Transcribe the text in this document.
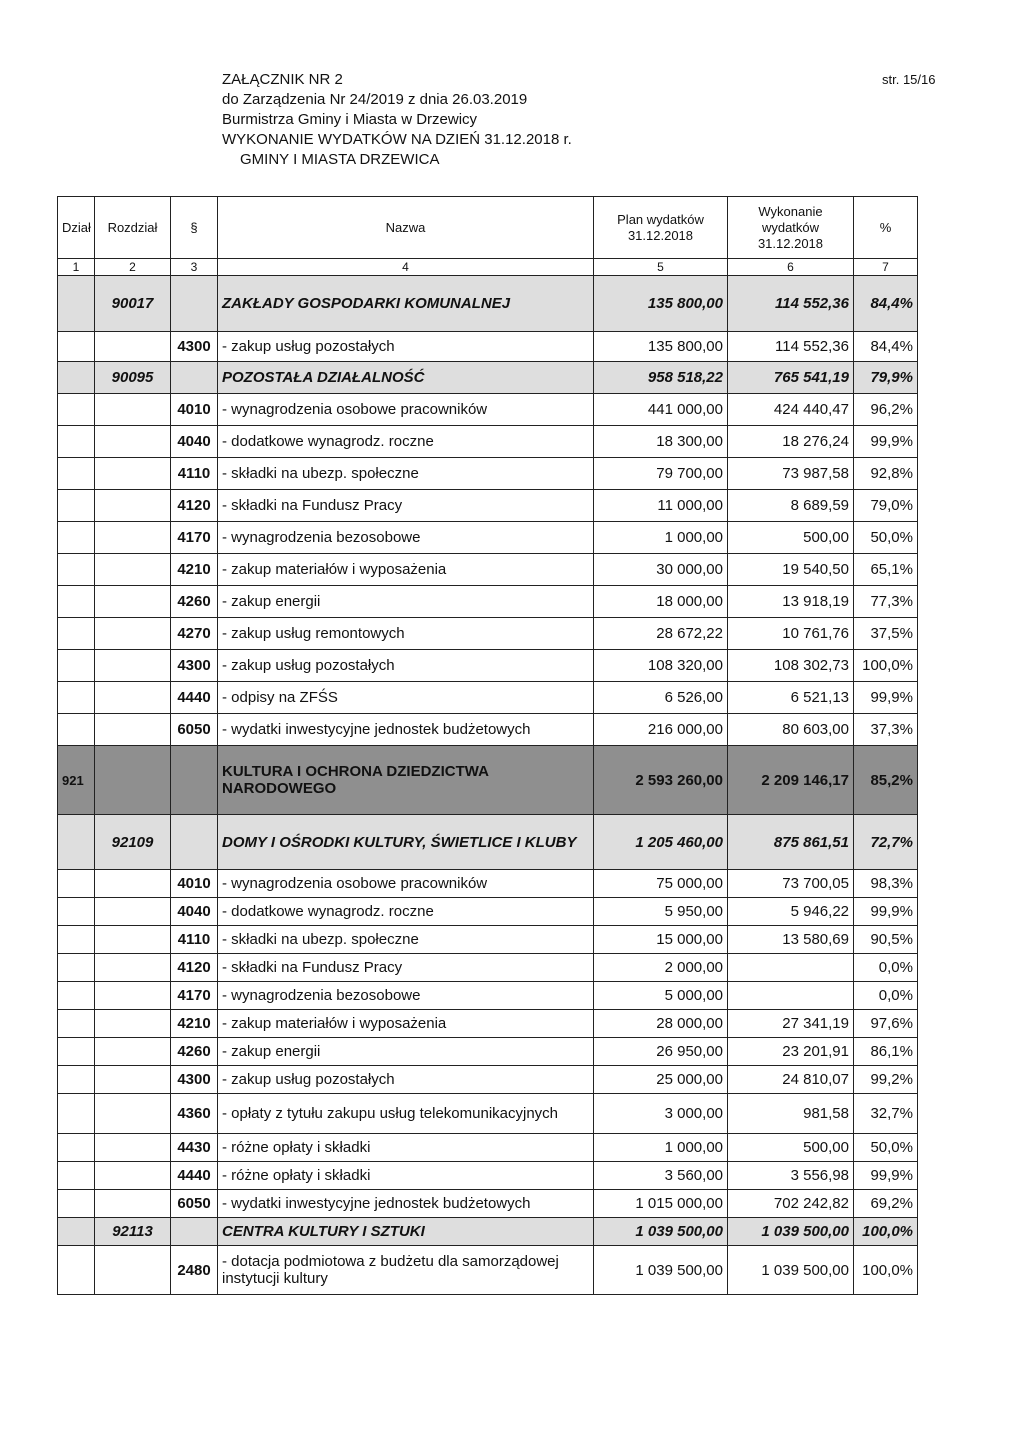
ZAŁĄCZNIK NR 2
do Zarządzenia Nr 24/2019 z dnia 26.03.2019
Burmistrza Gminy i Miasta w Drzewicy
WYKONANIE WYDATKÓW NA DZIEŃ 31.12.2018 r.
GMINY I MIASTA DRZEWICA
str. 15/16
Dział	Rozdział	§	Nazwa	Plan wydatków 31.12.2018	Wykonanie wydatków 31.12.2018	%
1	2	3	4	5	6	7
	90017		ZAKŁADY GOSPODARKI KOMUNALNEJ	135 800,00	114 552,36	84,4%
		4300	- zakup usług pozostałych	135 800,00	114 552,36	84,4%
	90095		POZOSTAŁA DZIAŁALNOŚĆ	958 518,22	765 541,19	79,9%
		4010	- wynagrodzenia osobowe pracowników	441 000,00	424 440,47	96,2%
		4040	- dodatkowe wynagrodz. roczne	18 300,00	18 276,24	99,9%
		4110	- składki na ubezp. społeczne	79 700,00	73 987,58	92,8%
		4120	- składki na Fundusz Pracy	11 000,00	8 689,59	79,0%
		4170	- wynagrodzenia bezosobowe	1 000,00	500,00	50,0%
		4210	- zakup materiałów i wyposażenia	30 000,00	19 540,50	65,1%
		4260	- zakup energii	18 000,00	13 918,19	77,3%
		4270	- zakup usług remontowych	28 672,22	10 761,76	37,5%
		4300	- zakup usług pozostałych	108 320,00	108 302,73	100,0%
		4440	- odpisy na ZFŚS	6 526,00	6 521,13	99,9%
		6050	- wydatki inwestycyjne jednostek budżetowych	216 000,00	80 603,00	37,3%
921			KULTURA I OCHRONA DZIEDZICTWA NARODOWEGO	2 593 260,00	2 209 146,17	85,2%
	92109		DOMY I OŚRODKI KULTURY, ŚWIETLICE I KLUBY	1 205 460,00	875 861,51	72,7%
		4010	- wynagrodzenia osobowe pracowników	75 000,00	73 700,05	98,3%
		4040	- dodatkowe wynagrodz. roczne	5 950,00	5 946,22	99,9%
		4110	- składki na ubezp. społeczne	15 000,00	13 580,69	90,5%
		4120	- składki na Fundusz Pracy	2 000,00		0,0%
		4170	- wynagrodzenia bezosobowe	5 000,00		0,0%
		4210	- zakup materiałów i wyposażenia	28 000,00	27 341,19	97,6%
		4260	- zakup energii	26 950,00	23 201,91	86,1%
		4300	- zakup usług pozostałych	25 000,00	24 810,07	99,2%
		4360	- opłaty z tytułu zakupu usług telekomunikacyjnych	3 000,00	981,58	32,7%
		4430	- różne opłaty i składki	1 000,00	500,00	50,0%
		4440	- różne opłaty i składki	3 560,00	3 556,98	99,9%
		6050	- wydatki inwestycyjne jednostek budżetowych	1 015 000,00	702 242,82	69,2%
	92113		CENTRA KULTURY I SZTUKI	1 039 500,00	1 039 500,00	100,0%
		2480	- dotacja podmiotowa z budżetu dla samorządowej instytucji kultury	1 039 500,00	1 039 500,00	100,0%
